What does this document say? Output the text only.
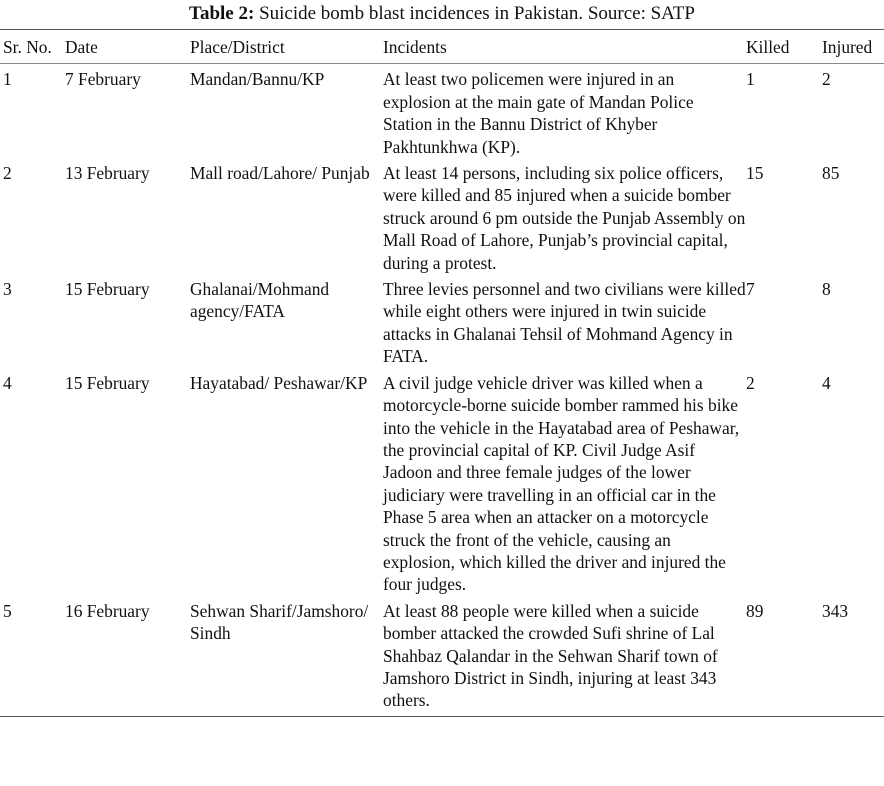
Table 2: Suicide bomb blast incidences in Pakistan. Source: SATP
Sr. No.	Date	Place/District	Incidents	Killed	Injured
1	7 February	Mandan/Bannu/KP	At least two policemen were injured in an explosion at the main gate of Mandan Police Station in the Bannu District of Khyber Pakhtunkhwa (KP).	1	2
2	13 February	Mall road/Lahore/ Punjab	At least 14 persons, including six police officers, were killed and 85 injured when a suicide bomber struck around 6 pm outside the Punjab Assembly on Mall Road of Lahore, Punjab’s provincial capital, during a protest.	15	85
3	15 February	Ghalanai/Mohmand agency/FATA	Three levies personnel and two civilians were killed while eight others were injured in twin suicide attacks in Ghalanai Tehsil of Mohmand Agency in FATA.	7	8
4	15 February	Hayatabad/ Peshawar/KP	A civil judge vehicle driver was killed when a motorcycle-borne suicide bomber rammed his bike into the vehicle in the Hayatabad area of Peshawar, the provincial capital of KP. Civil Judge Asif Jadoon and three female judges of the lower judiciary were travelling in an official car in the Phase 5 area when an attacker on a motorcycle struck the front of the vehicle, causing an explosion, which killed the driver and injured the four judges.	2	4
5	16 February	Sehwan Sharif/Jamshoro/ Sindh	At least 88 people were killed when a suicide bomber attacked the crowded Sufi shrine of Lal Shahbaz Qalandar in the Sehwan Sharif town of Jamshoro District in Sindh, injuring at least 343 others.	89	343
